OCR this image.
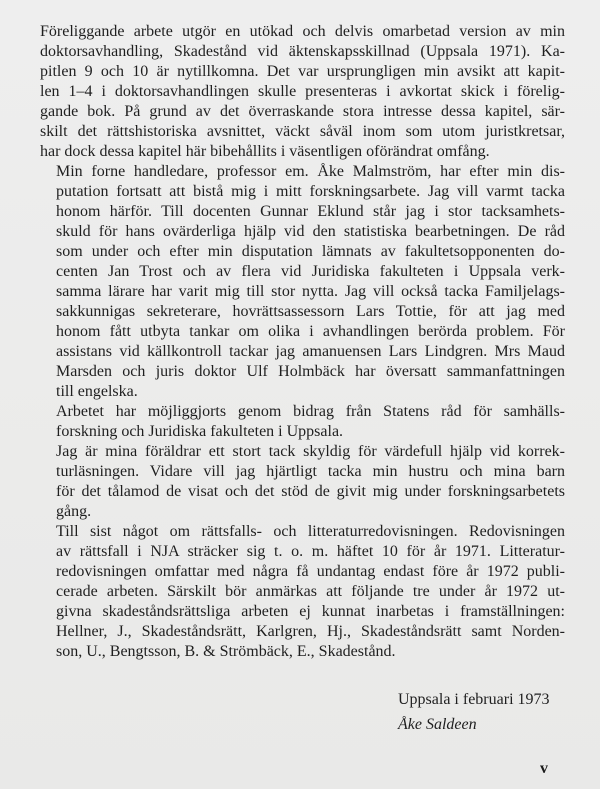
Föreliggande arbete utgör en utökad och delvis omarbetad version av min
doktorsavhandling, Skadestånd vid äktenskapsskillnad (Uppsala 1971). Ka-
pitlen 9 och 10 är nytillkomna. Det var ursprungligen min avsikt att kapit-
len 1–4 i doktorsavhandlingen skulle presenteras i avkortat skick i förelig-
gande bok. På grund av det överraskande stora intresse dessa kapitel, sär-
skilt det rättshistoriska avsnittet, väckt såväl inom som utom juristkretsar,
har dock dessa kapitel här bibehållits i väsentligen oförändrat omfång.

Min forne handledare, professor em. Åke Malmström, har efter min dis-
putation fortsatt att bistå mig i mitt forskningsarbete. Jag vill varmt tacka
honom härför. Till docenten Gunnar Eklund står jag i stor tacksamhets-
skuld för hans ovärderliga hjälp vid den statistiska bearbetningen. De råd
som under och efter min disputation lämnats av fakultetsopponenten do-
centen Jan Trost och av flera vid Juridiska fakulteten i Uppsala verk-
samma lärare har varit mig till stor nytta. Jag vill också tacka Familjelags-
sakkunnigas sekreterare, hovrättsassessorn Lars Tottie, för att jag med
honom fått utbyta tankar om olika i avhandlingen berörda problem. För
assistans vid källkontroll tackar jag amanuensen Lars Lindgren. Mrs Maud
Marsden och juris doktor Ulf Holmbäck har översatt sammanfattningen
till engelska.

Arbetet har möjliggjorts genom bidrag från Statens råd för samhälls-
forskning och Juridiska fakulteten i Uppsala.

Jag är mina föräldrar ett stort tack skyldig för värdefull hjälp vid korrek-
turläsningen. Vidare vill jag hjärtligt tacka min hustru och mina barn
för det tålamod de visat och det stöd de givit mig under forskningsarbetets
gång.

Till sist något om rättsfalls- och litteraturredovisningen. Redovisningen
av rättsfall i NJA sträcker sig t. o. m. häftet 10 för år 1971. Litteratur-
redovisningen omfattar med några få undantag endast före år 1972 publi-
cerade arbeten. Särskilt bör anmärkas att följande tre under år 1972 ut-
givna skadeståndsrättsliga arbeten ej kunnat inarbetas i framställningen:
Hellner, J., Skadeståndsrätt, Karlgren, Hj., Skadeståndsrätt samt Norden-
son, U., Bengtsson, B. & Strömbäck, E., Skadestånd.

Uppsala i februari 1973
Åke Saldeen
v
